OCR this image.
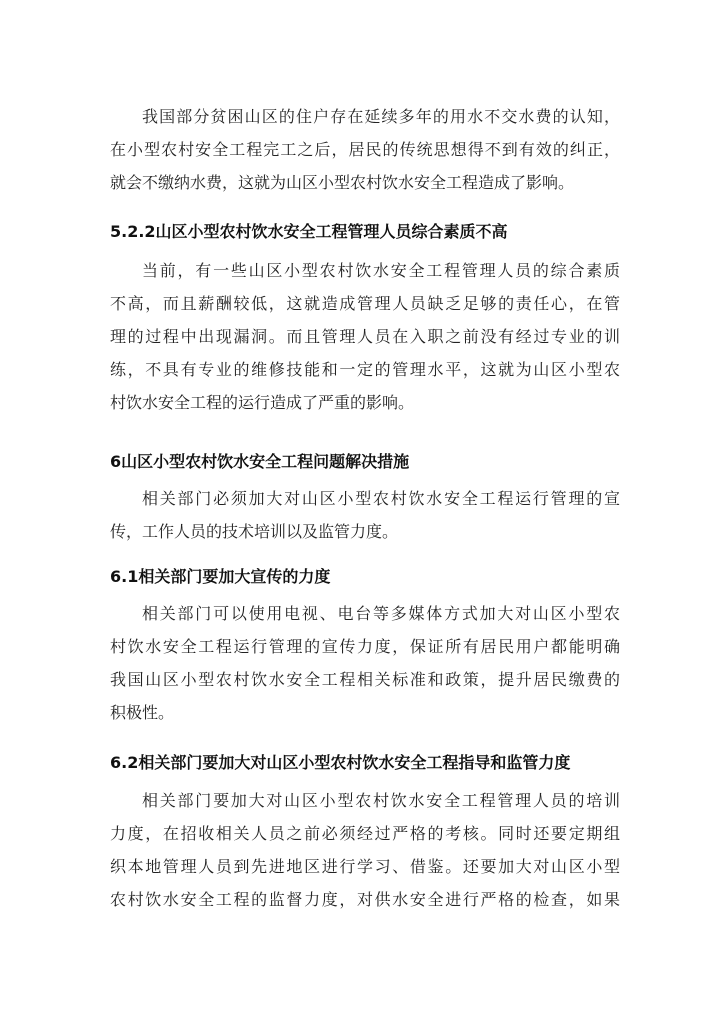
我国部分贫困山区的住户存在延续多年的用水不交水费的认知，
在小型农村安全工程完工之后，居民的传统思想得不到有效的纠正，
就会不缴纳水费，这就为山区小型农村饮水安全工程造成了影响。
5.2.2山区小型农村饮水安全工程管理人员综合素质不高
当前，有一些山区小型农村饮水安全工程管理人员的综合素质
不高，而且薪酬较低，这就造成管理人员缺乏足够的责任心，在管
理的过程中出现漏洞。而且管理人员在入职之前没有经过专业的训
练，不具有专业的维修技能和一定的管理水平，这就为山区小型农
村饮水安全工程的运行造成了严重的影响。
6山区小型农村饮水安全工程问题解决措施
相关部门必须加大对山区小型农村饮水安全工程运行管理的宣
传，工作人员的技术培训以及监管力度。
6.1相关部门要加大宣传的力度
相关部门可以使用电视、电台等多媒体方式加大对山区小型农
村饮水安全工程运行管理的宣传力度，保证所有居民用户都能明确
我国山区小型农村饮水安全工程相关标准和政策，提升居民缴费的
积极性。
6.2相关部门要加大对山区小型农村饮水安全工程指导和监管力度
相关部门要加大对山区小型农村饮水安全工程管理人员的培训
力度，在招收相关人员之前必须经过严格的考核。同时还要定期组
织本地管理人员到先进地区进行学习、借鉴。还要加大对山区小型
农村饮水安全工程的监督力度，对供水安全进行严格的检查，如果
